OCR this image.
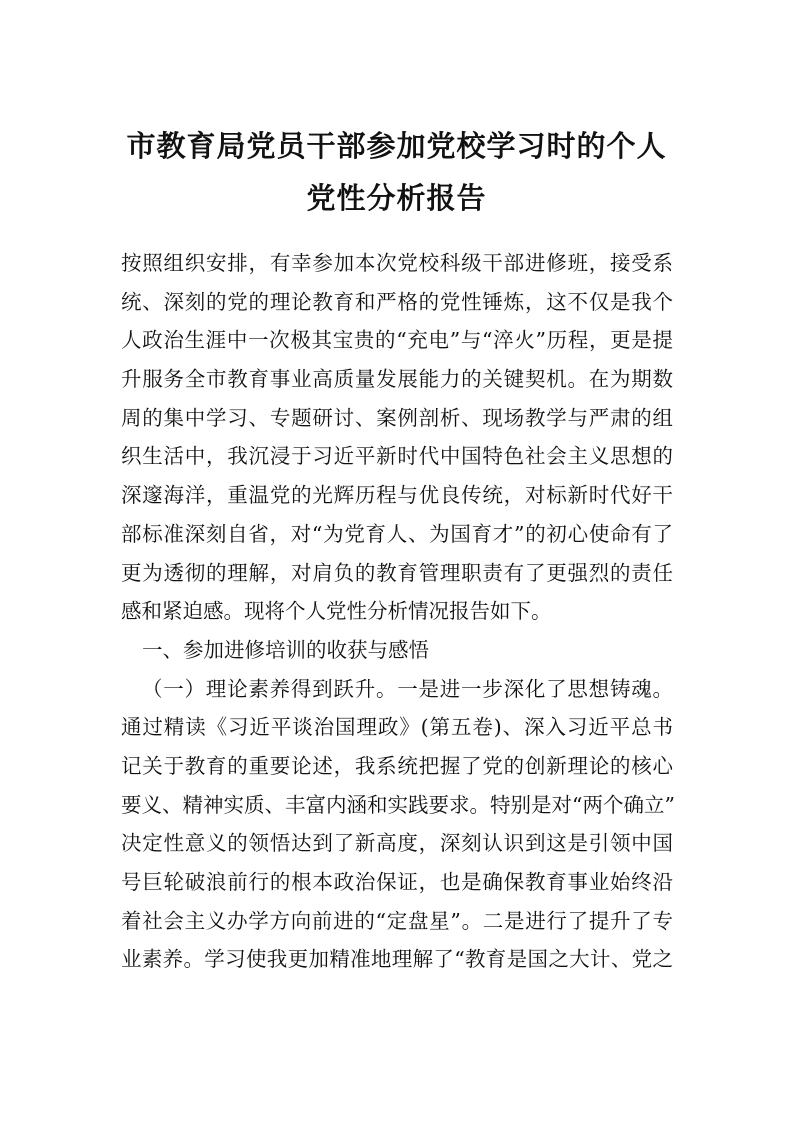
市教育局党员干部参加党校学习时的个人
党性分析报告
按照组织安排，有幸参加本次党校科级干部进修班，接受系
统、深刻的党的理论教育和严格的党性锤炼，这不仅是我个
人政治生涯中一次极其宝贵的“充电”与“淬火”历程，更是提
升服务全市教育事业高质量发展能力的关键契机。在为期数
周的集中学习、专题研讨、案例剖析、现场教学与严肃的组
织生活中，我沉浸于习近平新时代中国特色社会主义思想的
深邃海洋，重温党的光辉历程与优良传统，对标新时代好干
部标准深刻自省，对“为党育人、为国育才”的初心使命有了
更为透彻的理解，对肩负的教育管理职责有了更强烈的责任
感和紧迫感。现将个人党性分析情况报告如下。
一、参加进修培训的收获与感悟
（一）理论素养得到跃升。一是进一步深化了思想铸魂。
通过精读《习近平谈治国理政》(第五卷)、深入习近平总书
记关于教育的重要论述，我系统把握了党的创新理论的核心
要义、精神实质、丰富内涵和实践要求。特别是对“两个确立”
决定性意义的领悟达到了新高度，深刻认识到这是引领中国
号巨轮破浪前行的根本政治保证，也是确保教育事业始终沿
着社会主义办学方向前进的“定盘星”。二是进行了提升了专
业素养。学习使我更加精准地理解了“教育是国之大计、党之
